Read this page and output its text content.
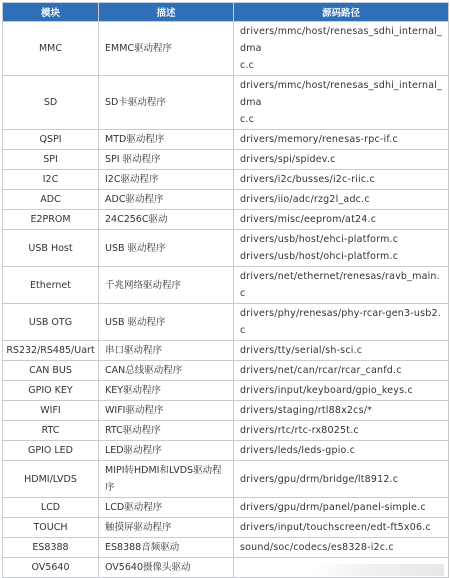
模块	描述	源码路径
MMC	EMMC驱动程序	drivers/mmc/host/renesas_sdhi_internal_dma
c.c

SD	SD卡驱动程序	drivers/mmc/host/renesas_sdhi_internal_dma
c.c

QSPI	MTD驱动程序	drivers/memory/renesas-rpc-if.c

SPI	SPI 驱动程序	drivers/spi/spidev.c

I2C	I2C驱动程序	drivers/i2c/busses/i2c-riic.c

ADC	ADC驱动程序	drivers/iio/adc/rzg2l_adc.c

E2PROM	24C256C驱动	drivers/misc/eeprom/at24.c

USB Host	USB 驱动程序	drivers/usb/host/ehci-platform.c
drivers/usb/host/ohci-platform.c

Ethernet	千兆网络驱动程序	drivers/net/ethernet/renesas/ravb_main.c

USB OTG	USB 驱动程序	drivers/phy/renesas/phy-rcar-gen3-usb2.c

RS232/RS485/Uart	串口驱动程序	drivers/tty/serial/sh-sci.c

CAN BUS	CAN总线驱动程序	drivers/net/can/rcar/rcar_canfd.c

GPIO KEY	KEY驱动程序	drivers/input/keyboard/gpio_keys.c

WIFI	WIFI驱动程序	drivers/staging/rtl88x2cs/*

RTC	RTC驱动程序	drivers/rtc/rtc-rx8025t.c

GPIO LED	LED驱动程序	drivers/leds/leds-gpio.c

HDMI/LVDS	MIPI转HDMI和LVDS驱动程序	drivers/gpu/drm/bridge/lt8912.c

LCD	LCD驱动程序	drivers/gpu/drm/panel/panel-simple.c

TOUCH	触摸屏驱动程序	drivers/input/touchscreen/edt-ft5x06.c

ES8388	ES8388音频驱动	sound/soc/codecs/es8328-i2c.c

OV5640	OV5640摄像头驱动	
